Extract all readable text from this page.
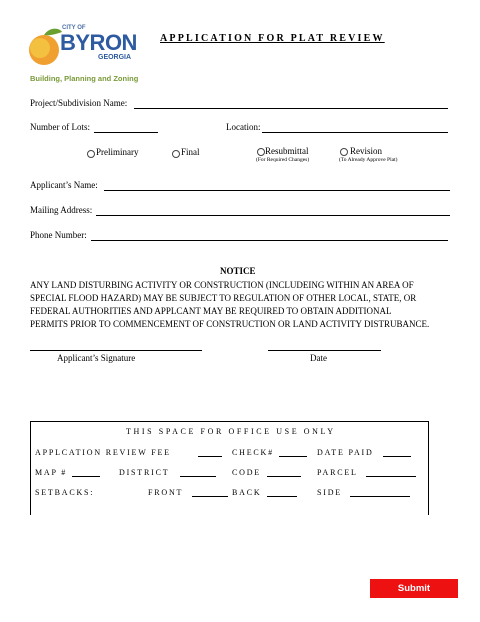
CITY OF
BYRON
GEORGIA
Building, Planning and Zoning
APPLICATION FOR PLAT REVIEW
Project/Subdivision Name:
Number of Lots:	Location:
Preliminary	Final	Resubmittal
(For Required Changes)
Revision
(To Already Approve Plat)
Applicant’s Name:
Mailing Address:
Phone Number:
NOTICE
ANY LAND DISTURBING ACTIVITY OR CONSTRUCTION (INCLUDEING WITHIN AN AREA OF
SPECIAL FLOOD HAZARD) MAY BE SUBJECT TO REGULATION OF OTHER LOCAL, STATE, OR
FEDERAL AUTHORITIES AND APPLCANT MAY BE REQUIRED TO OBTAIN ADDITIONAL
PERMITS PRIOR TO COMMENCEMENT OF CONSTRUCTION OR LAND ACTIVITY DISTRUBANCE.
Applicant’s Signature	Date
THIS SPACE FOR OFFICE USE ONLY
APPLCATION REVIEW FEE	CHECK#	DATE PAID
MAP #	DISTRICT	CODE	PARCEL
SETBACKS:	FRONT	BACK	SIDE
Submit
